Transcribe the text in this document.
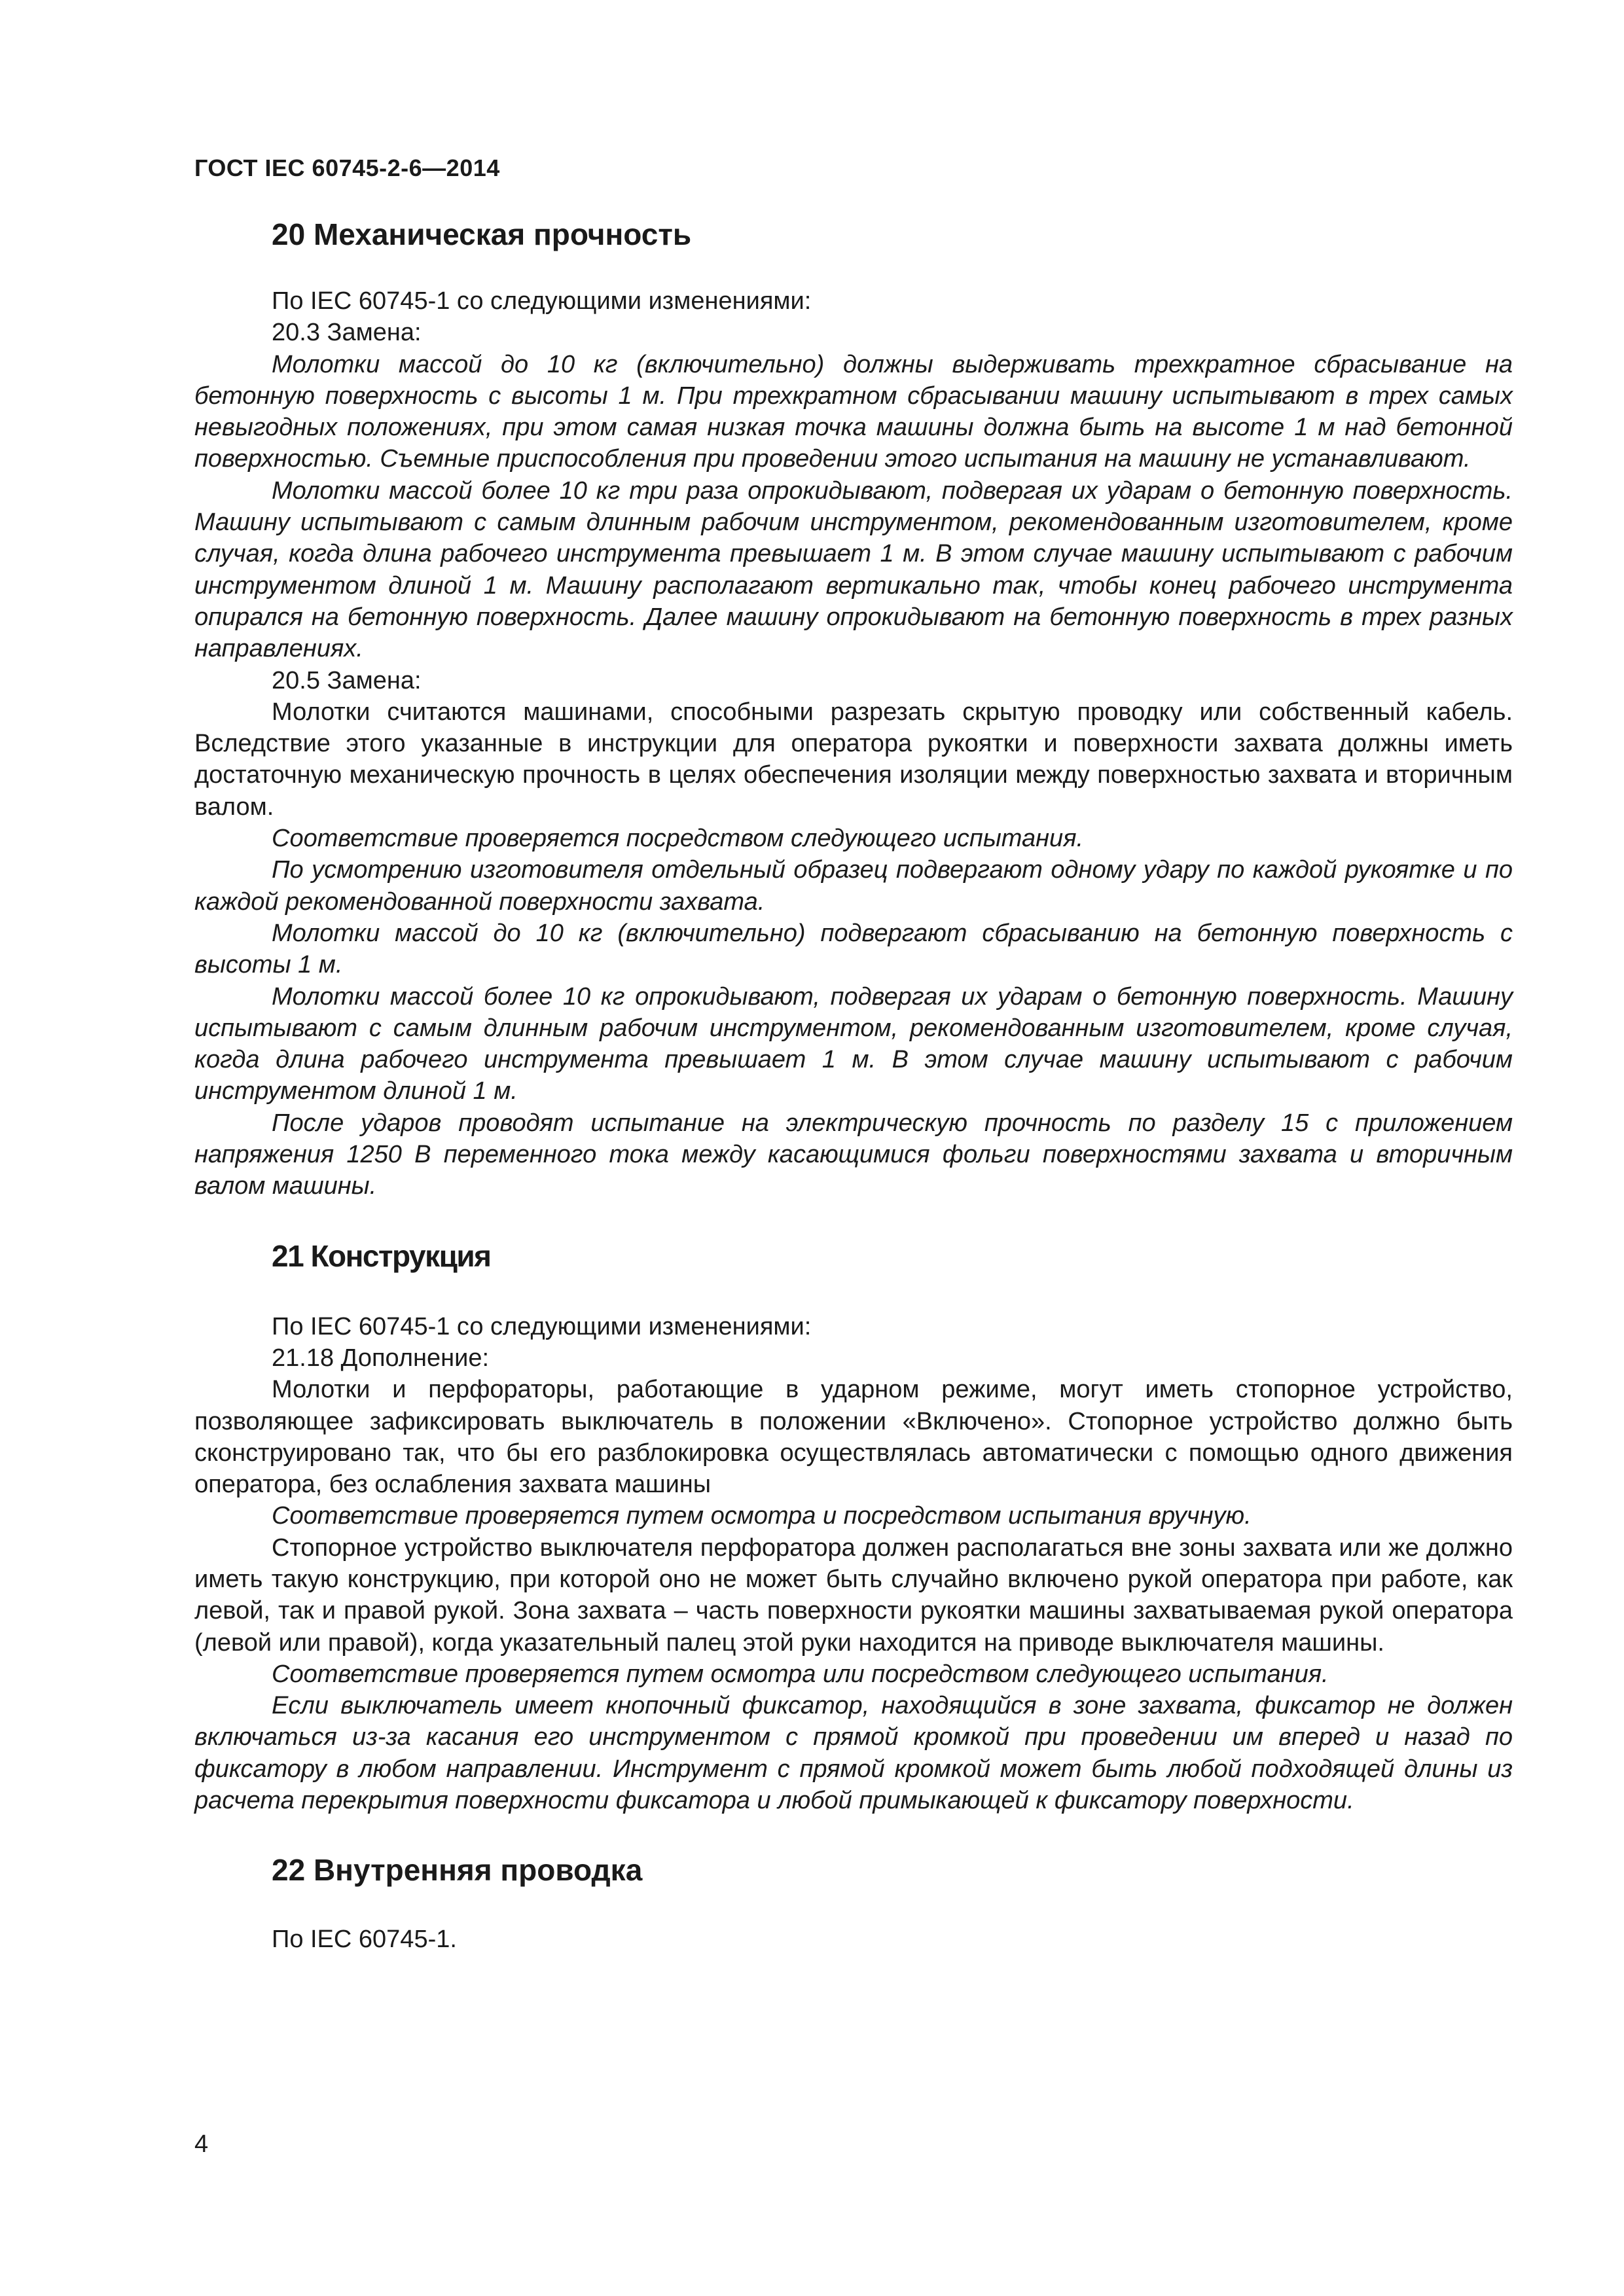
ГОСТ IEC 60745-2-6—2014
20 Механическая прочность

По IEC 60745-1 со следующими изменениями:

20.3 Замена:

Молотки массой до 10 кг (включительно) должны выдерживать трехкратное сбрасывание на бетонную поверхность с высоты 1 м. При трехкратном сбрасывании машину испытывают в трех самых невыгодных положениях, при этом самая низкая точка машины должна быть на высоте 1 м над бетонной поверхностью. Съемные приспособления при проведении этого испытания на машину не устанавливают.

Молотки массой более 10 кг три раза опрокидывают, подвергая их ударам о бетонную поверхность. Машину испытывают с самым длинным рабочим инструментом, рекомендованным изготовителем, кроме случая, когда длина рабочего инструмента превышает 1 м. В этом случае машину испытывают с рабочим инструментом длиной 1 м. Машину располагают вертикально так, чтобы конец рабочего инструмента опирался на бетонную поверхность. Далее машину опрокидывают на бетонную поверхность в трех разных направлениях.

20.5 Замена:

Молотки считаются машинами, способными разрезать скрытую проводку или собственный кабель. Вследствие этого указанные в инструкции для оператора рукоятки и поверхности захвата должны иметь достаточную механическую прочность в целях обеспечения изоляции между поверхностью захвата и вторичным валом.

Соответствие проверяется посредством следующего испытания.

По усмотрению изготовителя отдельный образец подвергают одному удару по каждой рукоятке и по каждой рекомендованной поверхности захвата.

Молотки массой до 10 кг (включительно) подвергают сбрасыванию на бетонную поверхность с высоты 1 м.

Молотки массой более 10 кг опрокидывают, подвергая их ударам о бетонную поверхность. Машину испытывают с самым длинным рабочим инструментом, рекомендованным изготовителем, кроме случая, когда длина рабочего инструмента превышает 1 м. В этом случае машину испытывают с рабочим инструментом длиной 1 м.

После ударов проводят испытание на электрическую прочность по разделу 15 с приложением напряжения 1250 В переменного тока между касающимися фольги поверхностями захвата и вторичным валом машины.

21 Конструкция

По IEC 60745-1 со следующими изменениями:

21.18 Дополнение:

Молотки и перфораторы, работающие в ударном режиме, могут иметь стопорное устройство, позволяющее зафиксировать выключатель в положении «Включено». Стопорное устройство должно быть сконструировано так, что бы его разблокировка осуществлялась автоматически с помощью одного движения оператора, без ослабления захвата машины

Соответствие проверяется путем осмотра и посредством испытания вручную.

Стопорное устройство выключателя перфоратора должен располагаться вне зоны захвата или же должно иметь такую конструкцию, при которой оно не может быть случайно включено рукой оператора при работе, как левой, так и правой рукой. Зона захвата – часть поверхности рукоятки машины захватываемая рукой оператора (левой или правой), когда указательный палец этой руки находится на приводе выключателя машины.

Соответствие проверяется путем осмотра или посредством следующего испытания.

Если выключатель имеет кнопочный фиксатор, находящийся в зоне захвата, фиксатор не должен включаться из-за касания его инструментом с прямой кромкой при проведении им вперед и назад по фиксатору в любом направлении. Инструмент с прямой кромкой может быть любой подходящей длины из расчета перекрытия поверхности фиксатора и любой примыкающей к фиксатору поверхности.

22 Внутренняя проводка

По IEC 60745-1.

4
